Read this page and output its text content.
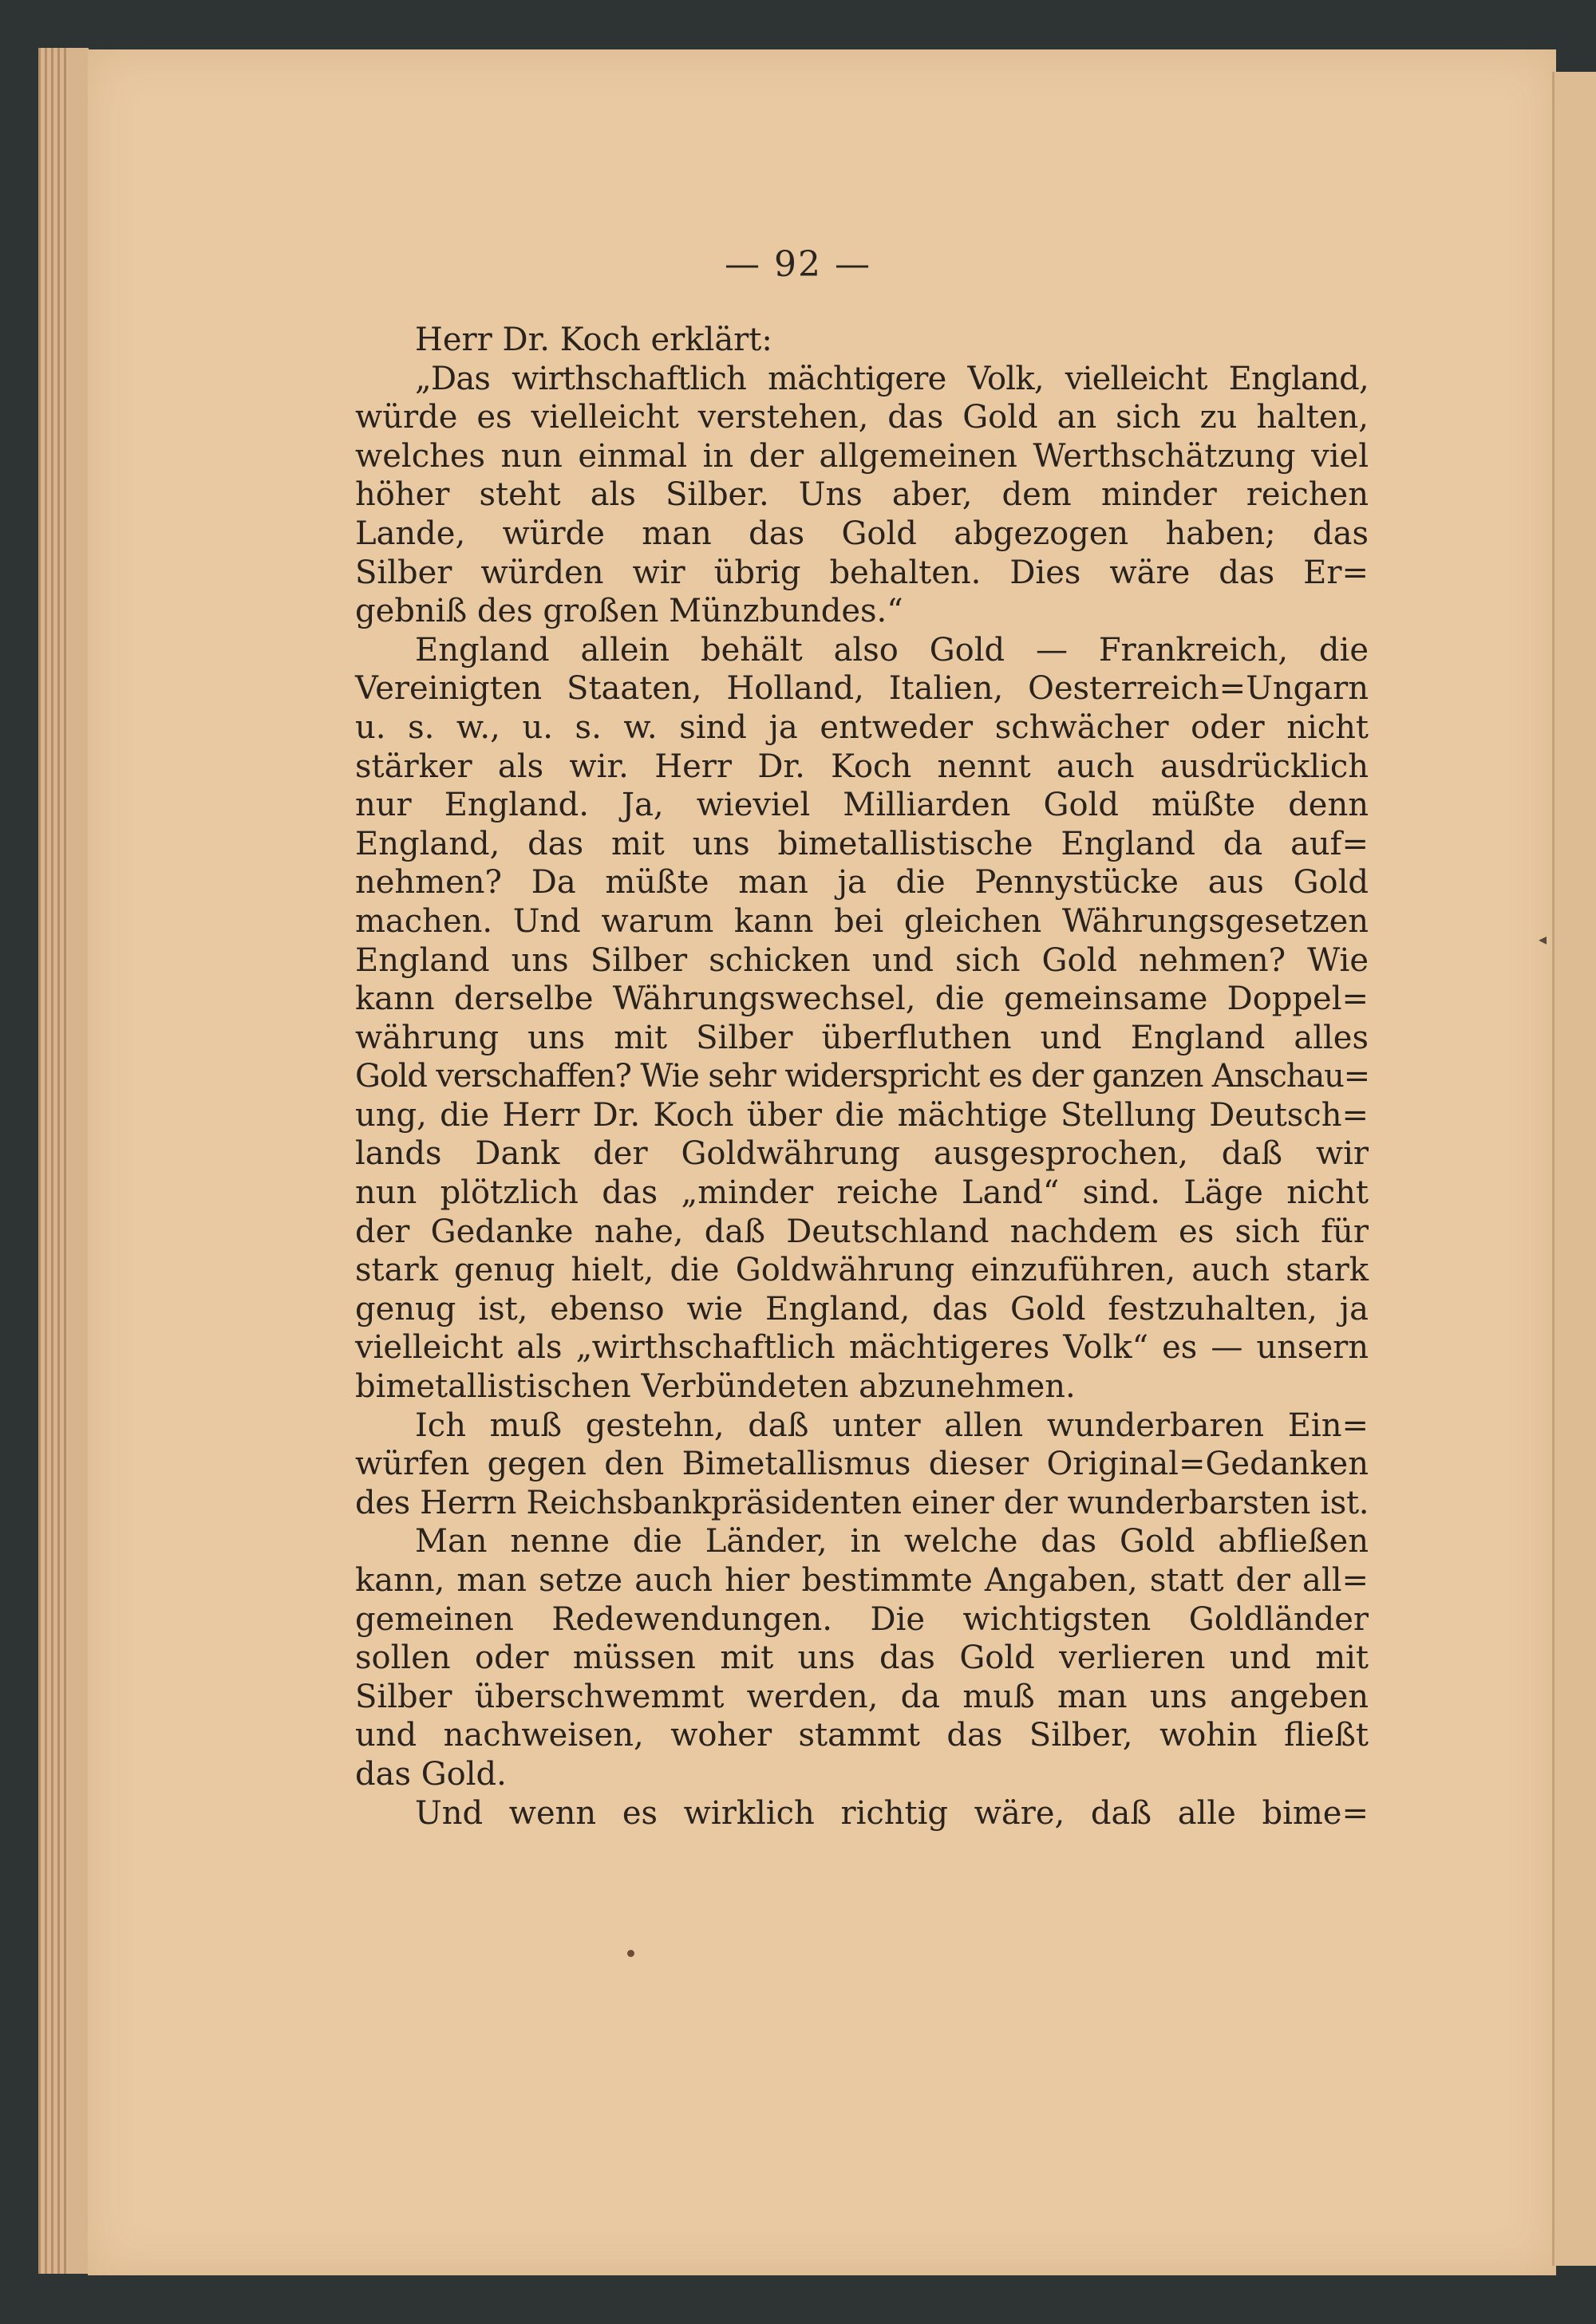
— 92 —
Herr Dr. Koch erklärt:
„Das wirthschaftlich mächtigere Volk, vielleicht England,
würde es vielleicht verstehen, das Gold an sich zu halten,
welches nun einmal in der allgemeinen Werthschätzung viel
höher steht als Silber. Uns aber, dem minder reichen
Lande, würde man das Gold abgezogen haben; das
Silber würden wir übrig behalten. Dies wäre das Er=
gebniß des großen Münzbundes.“
England allein behält also Gold — Frankreich, die
Vereinigten Staaten, Holland, Italien, Oesterreich=Ungarn
u. s. w., u. s. w. sind ja entweder schwächer oder nicht
stärker als wir. Herr Dr. Koch nennt auch ausdrücklich
nur England. Ja, wieviel Milliarden Gold müßte denn
England, das mit uns bimetallistische England da auf=
nehmen? Da müßte man ja die Pennystücke aus Gold
machen. Und warum kann bei gleichen Währungsgesetzen
England uns Silber schicken und sich Gold nehmen? Wie
kann derselbe Währungswechsel, die gemeinsame Doppel=
währung uns mit Silber überfluthen und England alles
Gold verschaffen? Wie sehr widerspricht es der ganzen Anschau=
ung, die Herr Dr. Koch über die mächtige Stellung Deutsch=
lands Dank der Goldwährung ausgesprochen, daß wir
nun plötzlich das „minder reiche Land“ sind. Läge nicht
der Gedanke nahe, daß Deutschland nachdem es sich für
stark genug hielt, die Goldwährung einzuführen, auch stark
genug ist, ebenso wie England, das Gold festzuhalten, ja
vielleicht als „wirthschaftlich mächtigeres Volk“ es — unsern
bimetallistischen Verbündeten abzunehmen.
Ich muß gestehn, daß unter allen wunderbaren Ein=
würfen gegen den Bimetallismus dieser Original=Gedanken
des Herrn Reichsbankpräsidenten einer der wunderbarsten ist.
Man nenne die Länder, in welche das Gold abfließen
kann, man setze auch hier bestimmte Angaben, statt der all=
gemeinen Redewendungen. Die wichtigsten Goldländer
sollen oder müssen mit uns das Gold verlieren und mit
Silber überschwemmt werden, da muß man uns angeben
und nachweisen, woher stammt das Silber, wohin fließt
das Gold.
Und wenn es wirklich richtig wäre, daß alle bime=
◂
